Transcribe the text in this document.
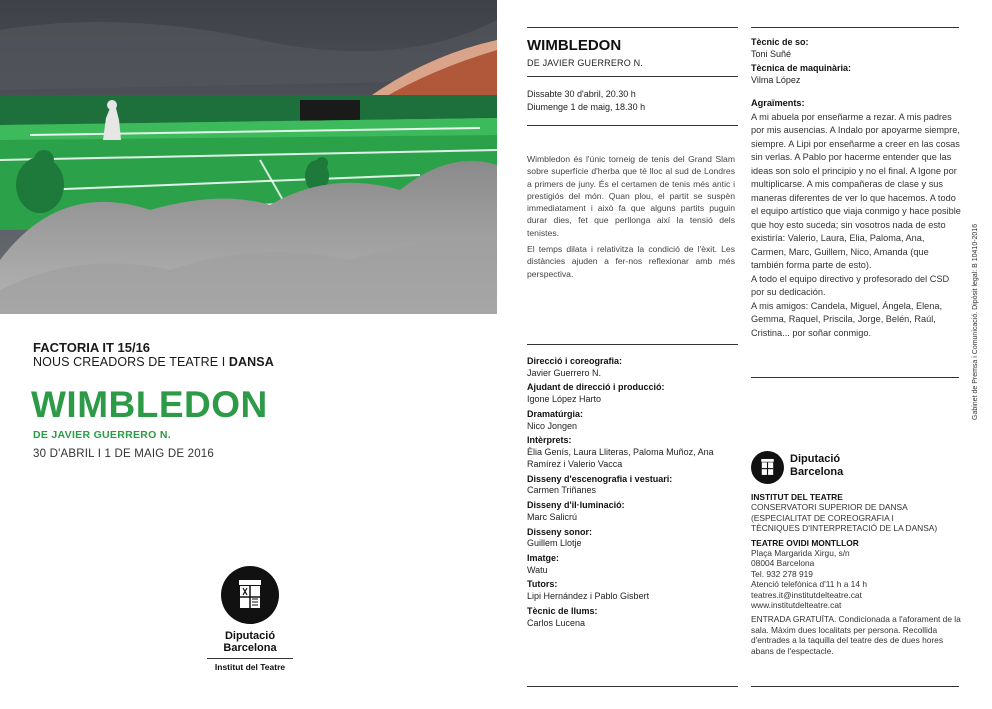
FACTORIA IT 15/16
NOUS CREADORS DE TEATRE I DANSA
WIMBLEDON
DE JAVIER GUERRERO N.
30 D'ABRIL I 1 DE MAIG DE 2016
Diputació
Barcelona
Institut del Teatre
WIMBLEDON
DE JAVIER GUERRERO N.
Dissabte 30 d'abril, 20.30 h
Diumenge 1 de maig, 18.30 h

Wimbledon és l'únic torneig de tenis del Grand Slam sobre superfície d'herba que té lloc al sud de Londres a primers de juny. És el certamen de tenis més antic i prestigiós del món. Quan plou, el partit se suspèn immediatament i això fa que alguns partits puguin durar dies, fet que perllonga així la tensió dels tenistes.

El temps dilata i relativitza la condició de l'èxit. Les distàncies ajuden a fer-nos reflexionar amb més perspectiva.

Direcció i coreografia:
Javier Guerrero N.
Ajudant de direcció i producció:
Igone López Harto
Dramatúrgia:
Nico Jongen
Intèrprets:
Èlia Genís, Laura Lliteras, Paloma Muñoz, Ana Ramírez i Valerio Vacca
Disseny d'escenografia i vestuari:
Carmen Triñanes
Disseny d'il·luminació:
Marc Salicrú
Disseny sonor:
Guillem Llotje
Imatge:
Watu
Tutors:
Lipi Hernández i Pablo Gisbert
Tècnic de llums:
Carlos Lucena
Tècnic de so:
Toni Suñé
Tècnica de maquinària:
Vilma López
Agraïments:
A mi abuela por enseñarme a rezar. A mis padres por mis ausencias. A Indalo por apoyarme siempre, siempre. A Lipi por enseñarme a creer en las cosas sin verlas. A Pablo por hacerme entender que las ideas son solo el principio y no el final. A Igone por multiplicarse. A mis compañeras de clase y sus maneras diferentes de ver lo que hacemos. A todo el equipo artístico que viaja conmigo y hace posible que hoy esto suceda; sin vosotros nada de esto existiría: Valerio, Laura, Elia, Paloma, Ana, Carmen, Marc, Guillem, Nico, Amanda (que también forma parte de esto).
A todo el equipo directivo y profesorado del CSD por su dedicación.
A mis amigos: Candela, Miguel, Ángela, Elena, Gemma, Raquel, Priscila, Jorge, Belén, Raúl, Cristina... por soñar conmigo.
Diputació
Barcelona
INSTITUT DEL TEATRE
CONSERVATORI SUPERIOR DE DANSA
(ESPECIALITAT DE COREOGRAFIA I
TÈCNIQUES D'INTERPRETACIÓ DE LA DANSA)
TEATRE OVIDI MONTLLOR
Plaça Margarida Xirgu, s/n
08004 Barcelona
Tel. 932 278 919
Atenció telefònica d'11 h a 14 h
teatres.it@institutdelteatre.cat
www.institutdelteatre.cat
ENTRADA GRATUÏTA. Condicionada a l'aforament de la sala. Màxim dues localitats per persona. Recollida d'entrades a la taquilla del teatre des de dues hores abans de l'espectacle.
Gabinet de Premsa i Comunicació. Dipòsit legal: B 10410-2016
